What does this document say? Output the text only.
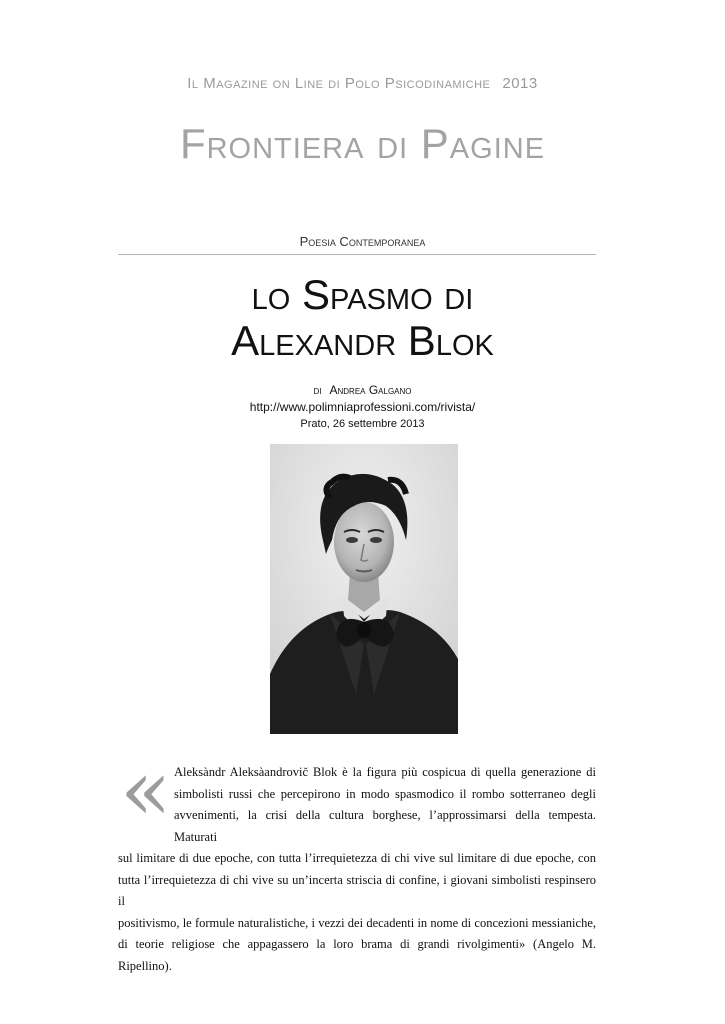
Il Magazine on Line di Polo Psicodinamiche 2013
Frontiera di Pagine
Poesia Contemporanea
lo Spasmo di
Alexandr Blok
di Andrea Galgano
http://www.polimniaprofessioni.com/rivista/
Prato, 26 settembre 2013
« Aleksàndr Aleksàandrovič Blok è la figura più cospicua di quella generazione di
simbolisti russi che percepirono in modo spasmodico il rombo sotterraneo degli
avvenimenti, la crisi della cultura borghese, l’approssimarsi della tempesta. Maturati
sul limitare di due epoche, con tutta l’irrequietezza di chi vive sul limitare di due epoche, con
tutta l’irrequietezza di chi vive su un’incerta striscia di confine, i giovani simbolisti respinsero il
positivismo, le formule naturalistiche, i vezzi dei decadenti in nome di concezioni messianiche,
di teorie religiose che appagassero la loro brama di grandi rivolgimenti» (Angelo M. Ripellino).
